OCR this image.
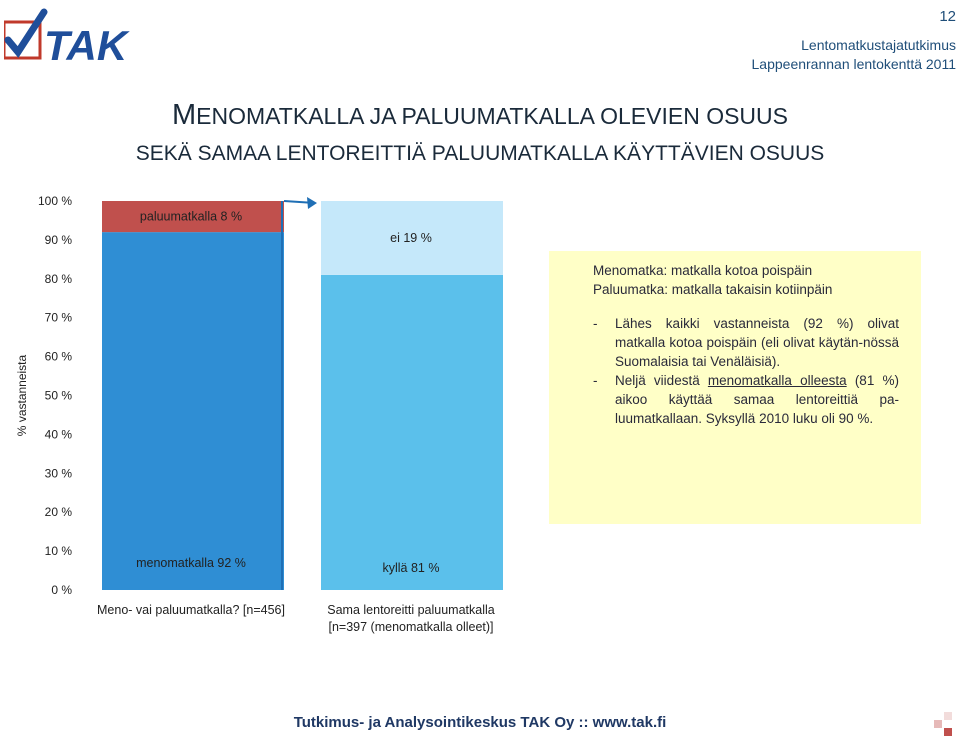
TAK
12
Lentomatkustajatutkimus
Lappeenrannan lentokenttä 2011
MENOMATKALLA JA PALUUMATKALLA OLEVIEN OSUUS
SEKÄ SAMAA LENTOREITTIÄ PALUUMATKALLA KÄYTTÄVIEN OSUUS
0 %
10 %
20 %
30 %
40 %
50 %
60 %
70 %
80 %
90 %
100 %
% vastanneista
menomatkalla 92 %
paluumatkalla 8 %
Meno- vai paluumatkalla? [n=456]
kyllä 81 %
ei 19 %
Sama lentoreitti paluumatkalla
[n=397 (menomatkalla olleet)]
Menomatka: matkalla kotoa poispäin
Paluumatka: matkalla takaisin kotiinpäin
- Lähes kaikki vastanneista (92 %) olivat matkalla kotoa poispäin (eli olivat käytän-nössä Suomalaisia tai Venäläisiä).
- Neljä viidestä menomatkalla olleesta (81 %) aikoo käyttää samaa lentoreittiä pa-luumatkallaan. Syksyllä 2010 luku oli 90 %.
Tutkimus- ja Analysointikeskus TAK Oy :: www.tak.fi
